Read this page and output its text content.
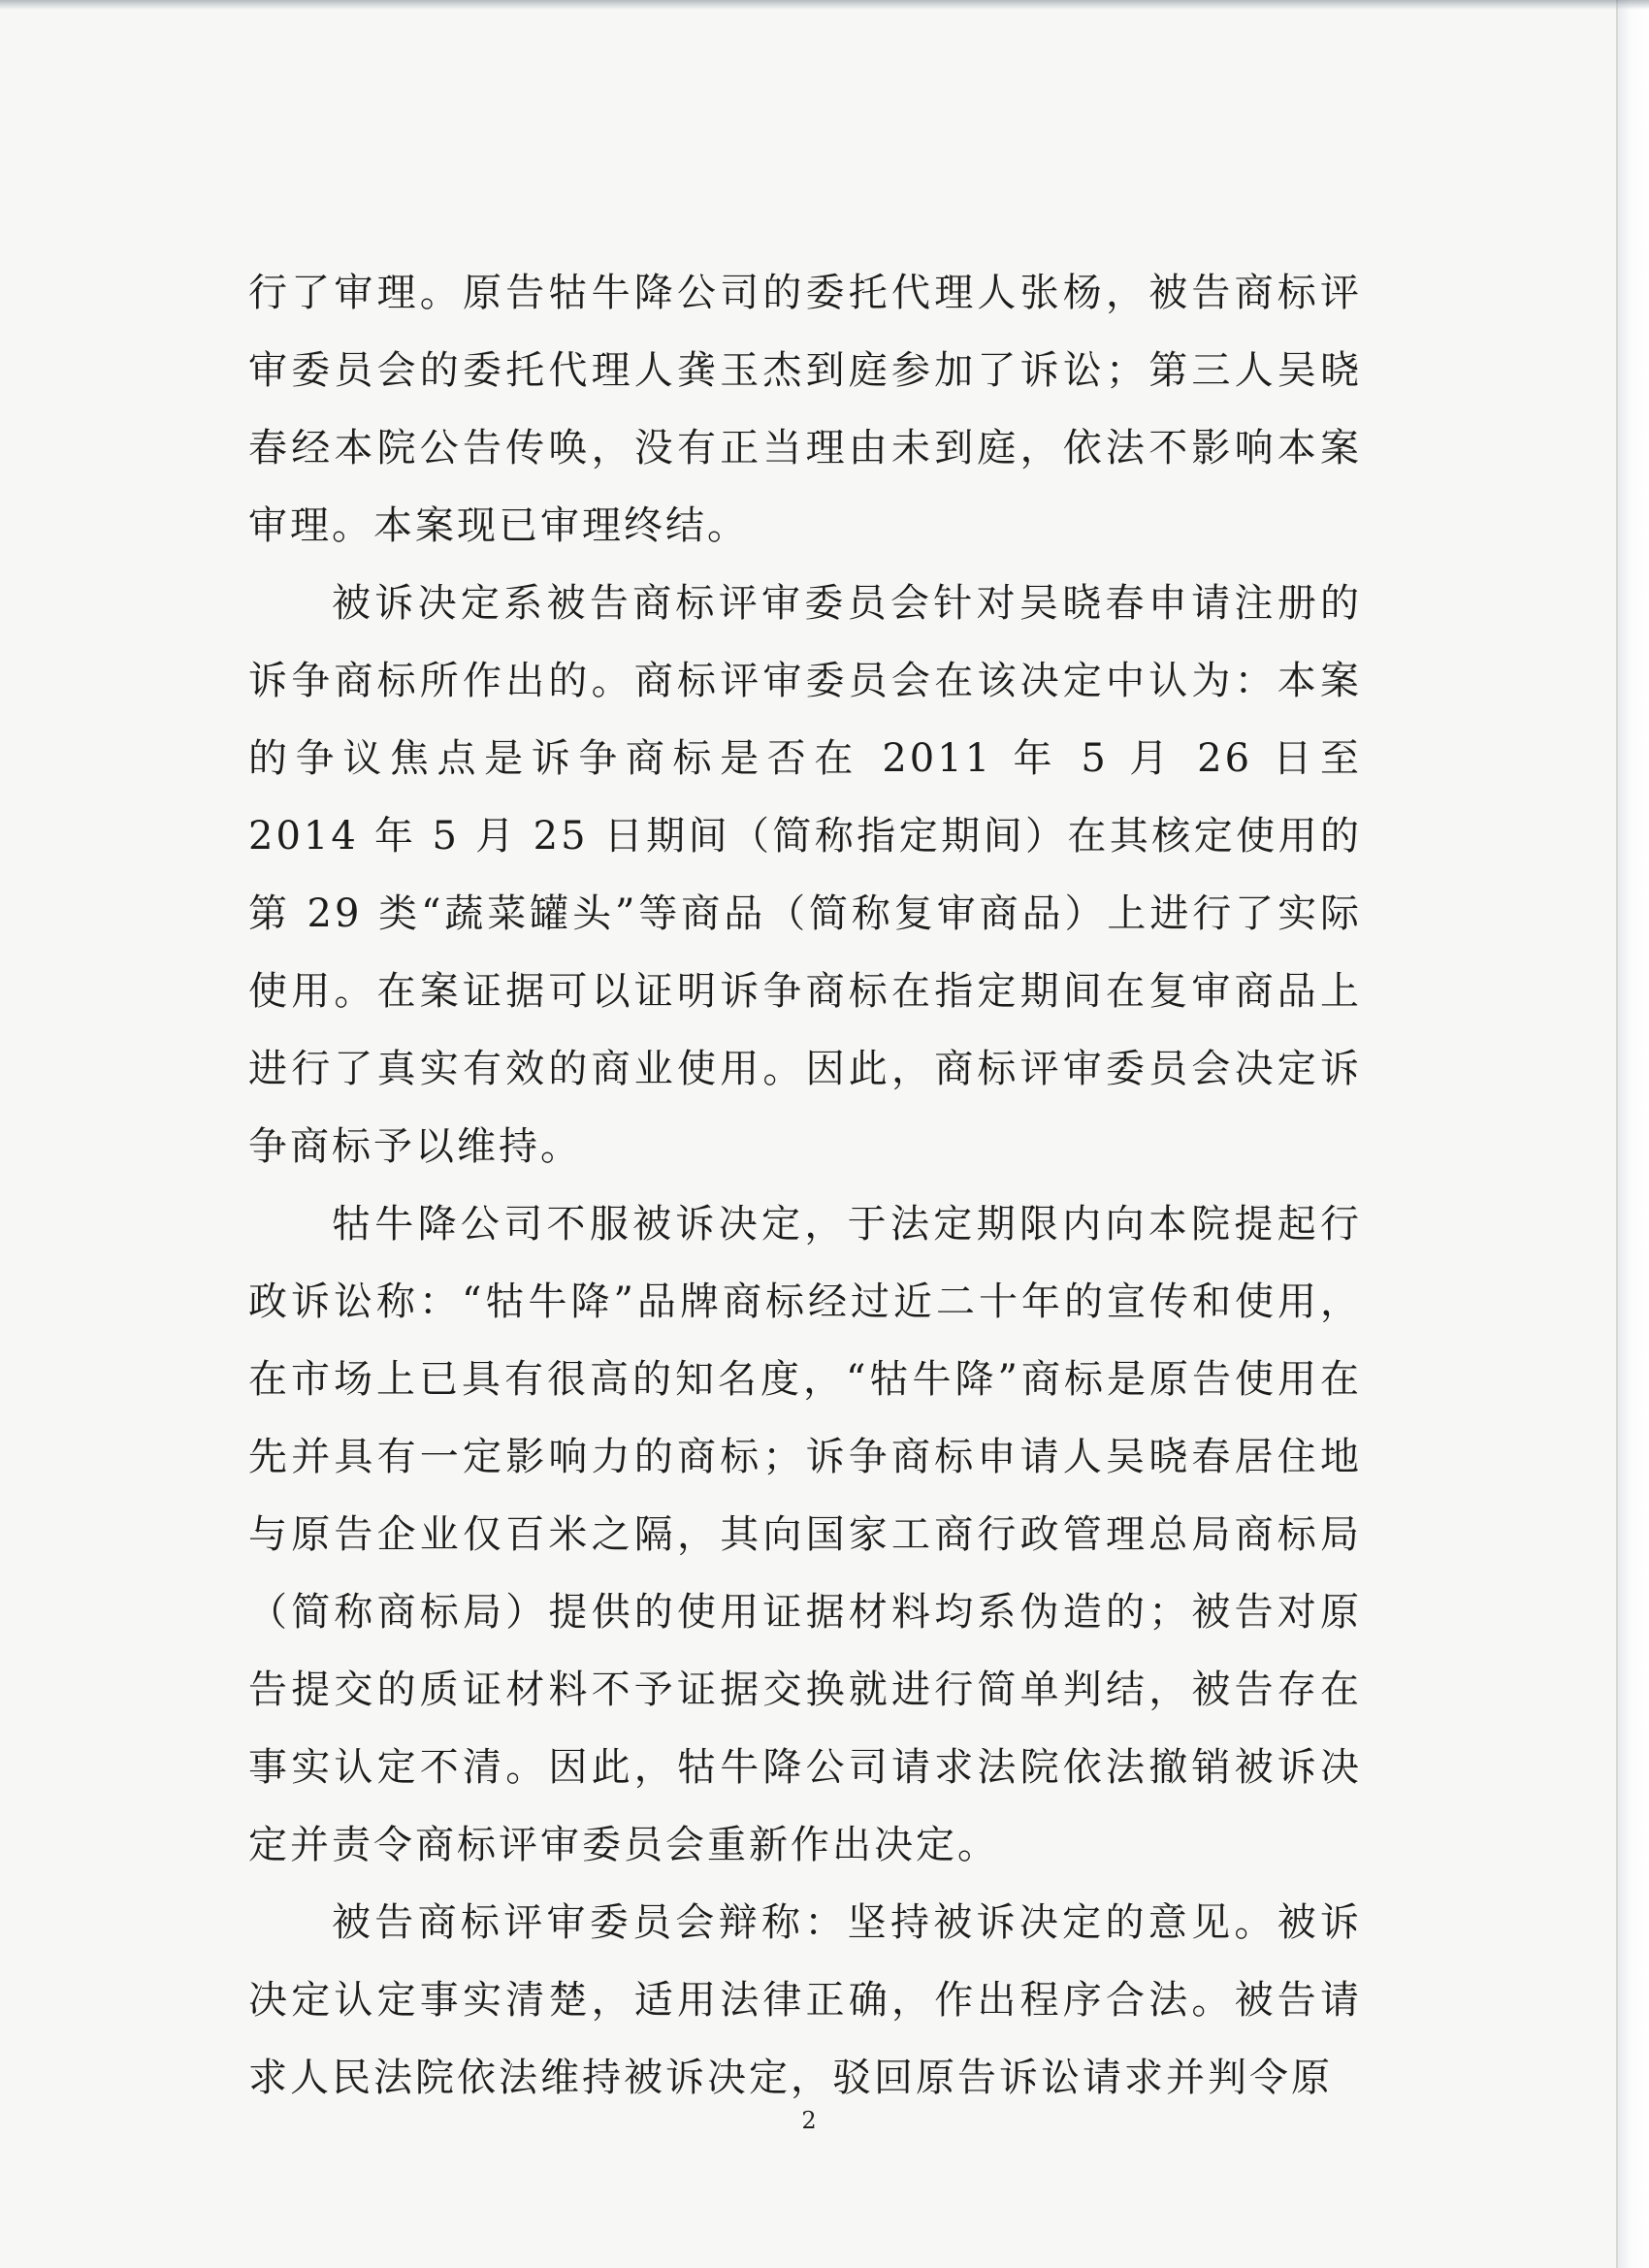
行了审理。原告牯牛降公司的委托代理人张杨，被告商标评审委员会的委托代理人龚玉杰到庭参加了诉讼；第三人吴晓春经本院公告传唤，没有正当理由未到庭，依法不影响本案审理。本案现已审理终结。

被诉决定系被告商标评审委员会针对吴晓春申请注册的诉争商标所作出的。商标评审委员会在该决定中认为：本案的争议焦点是诉争商标是否在 2011 年 5 月 26 日至 2014 年 5 月 25 日期间（简称指定期间）在其核定使用的第 29 类“蔬菜罐头”等商品（简称复审商品）上进行了实际使用。在案证据可以证明诉争商标在指定期间在复审商品上进行了真实有效的商业使用。因此，商标评审委员会决定诉争商标予以维持。

牯牛降公司不服被诉决定，于法定期限内向本院提起行政诉讼称：“牯牛降”品牌商标经过近二十年的宣传和使用，在市场上已具有很高的知名度，“牯牛降”商标是原告使用在先并具有一定影响力的商标；诉争商标申请人吴晓春居住地与原告企业仅百米之隔，其向国家工商行政管理总局商标局（简称商标局）提供的使用证据材料均系伪造的；被告对原告提交的质证材料不予证据交换就进行简单判结，被告存在事实认定不清。因此，牯牛降公司请求法院依法撤销被诉决定并责令商标评审委员会重新作出决定。

被告商标评审委员会辩称：坚持被诉决定的意见。被诉决定认定事实清楚，适用法律正确，作出程序合法。被告请求人民法院依法维持被诉决定，驳回原告诉讼请求并判令原

2
